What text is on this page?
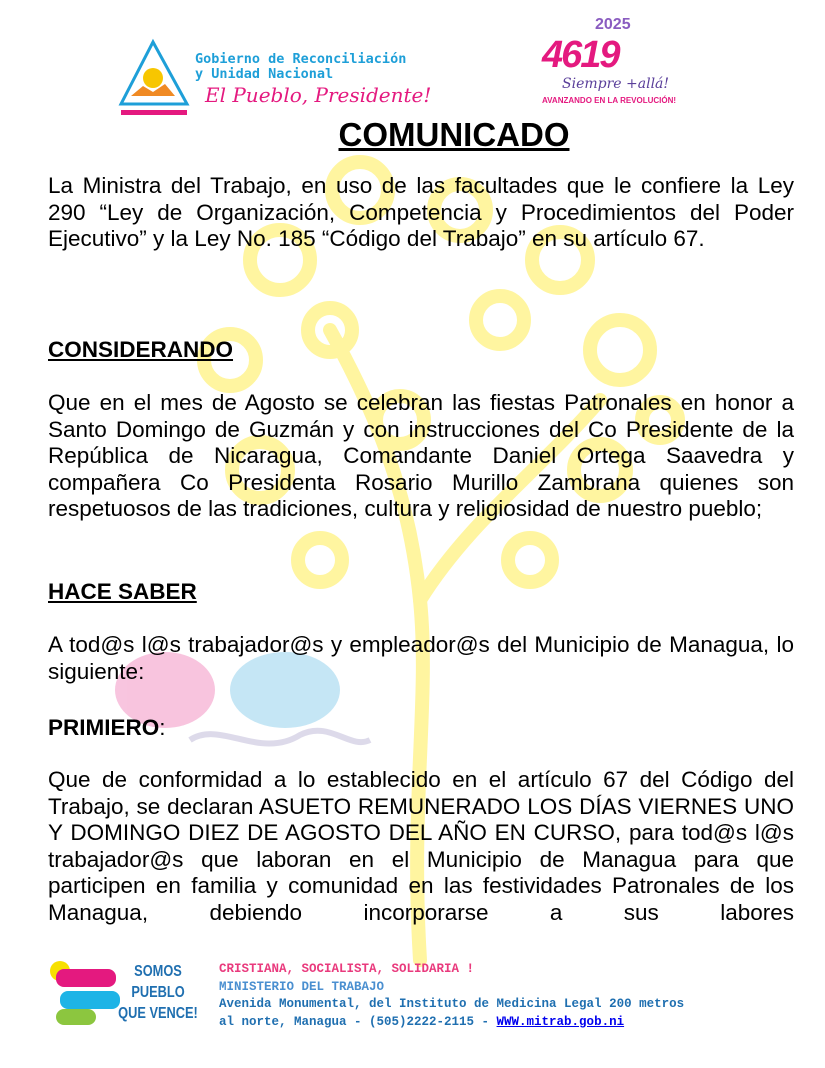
Gobierno de Reconciliación
y Unidad Nacional
El Pueblo, Presidente!
2025
4619
Siempre +allá!
AVANZANDO EN LA REVOLUCIÓN!
COMUNICADO
La Ministra del Trabajo, en uso de las facultades que le confiere la Ley 290 “Ley de Organización, Competencia y Procedimientos del Poder Ejecutivo” y la Ley No. 185 “Código del Trabajo” en su artículo 67.
CONSIDERANDO
Que en el mes de Agosto se celebran las fiestas Patronales en honor a Santo Domingo de Guzmán y con instrucciones del Co Presidente de la República de Nicaragua, Comandante Daniel Ortega Saavedra y compañera Co Presidenta Rosario Murillo Zambrana quienes son respetuosos de las tradiciones, cultura y religiosidad de nuestro pueblo;
HACE SABER
A tod@s l@s trabajador@s y empleador@s del Municipio de Managua, lo siguiente:
PRIMIERO:
Que de conformidad a lo establecido en el artículo 67 del Código del Trabajo, se declaran ASUETO REMUNERADO LOS DÍAS VIERNES UNO Y DOMINGO DIEZ DE AGOSTO DEL AÑO EN CURSO, para tod@s l@s trabajador@s que laboran en el Municipio de Managua para que participen en familia y comunidad en las festividades Patronales de los Managua, debiendo incorporarse a sus labores
SOMOS PUEBLO QUE VENCE!
CRISTIANA, SOCIALISTA, SOLIDARIA !
MINISTERIO DEL TRABAJO
Avenida Monumental, del Instituto de Medicina Legal 200 metros
al norte, Managua - (505)2222-2115 - WWW.mitrab.gob.ni
